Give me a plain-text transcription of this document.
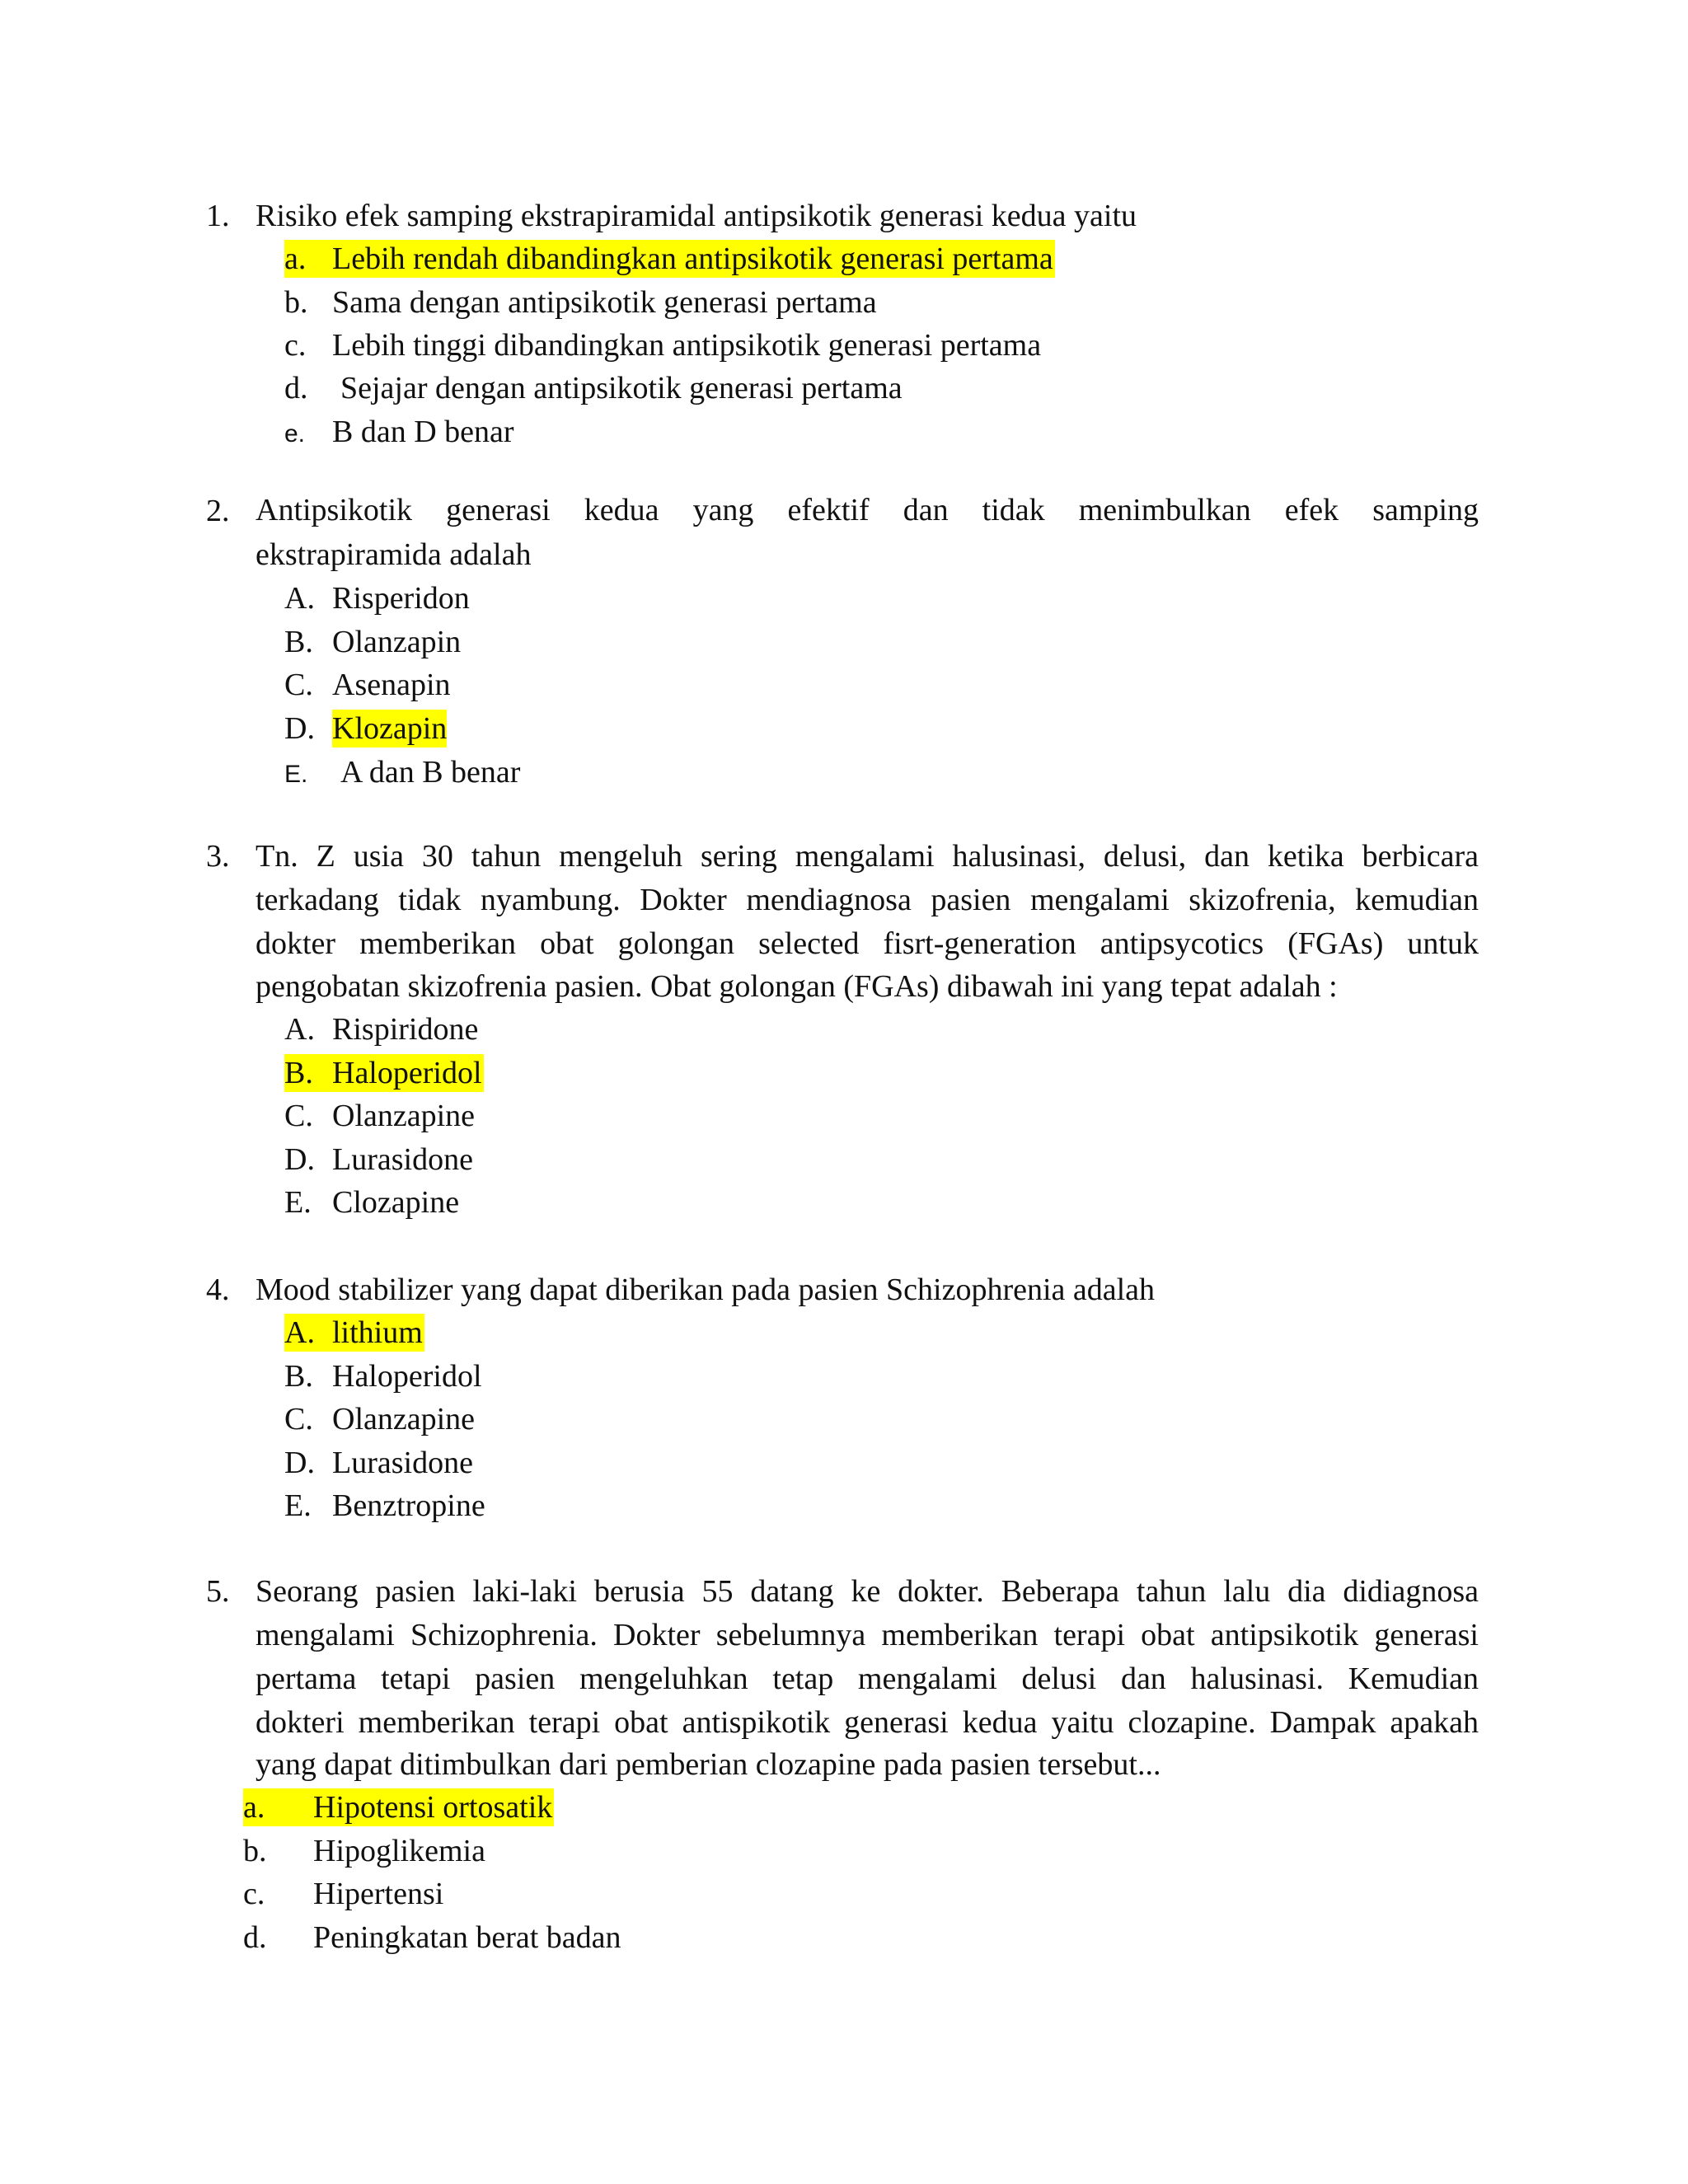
1. Risiko efek samping ekstrapiramidal antipsikotik generasi kedua yaitu
a. Lebih rendah dibandingkan antipsikotik generasi pertama
b. Sama dengan antipsikotik generasi pertama
c. Lebih tinggi dibandingkan antipsikotik generasi pertama
d. Sejajar dengan antipsikotik generasi pertama
e. B dan D benar
2. Antipsikotik generasi kedua yang efektif dan tidak menimbulkan efek samping
ekstrapiramida adalah
A. Risperidon
B. Olanzapin
C. Asenapin
D. Klozapin
E. A dan B benar
3. Tn. Z usia 30 tahun mengeluh sering mengalami halusinasi, delusi, dan ketika berbicara
terkadang tidak nyambung. Dokter mendiagnosa pasien mengalami skizofrenia, kemudian
dokter memberikan obat golongan selected fisrt-generation antipsycotics (FGAs) untuk
pengobatan skizofrenia pasien. Obat golongan (FGAs) dibawah ini yang tepat adalah :
A. Rispiridone
B. Haloperidol
C. Olanzapine
D. Lurasidone
E. Clozapine
4. Mood stabilizer yang dapat diberikan pada pasien Schizophrenia adalah
A. lithium
B. Haloperidol
C. Olanzapine
D. Lurasidone
E. Benztropine
5. Seorang pasien laki-laki berusia 55 datang ke dokter. Beberapa tahun lalu dia didiagnosa
mengalami Schizophrenia. Dokter sebelumnya memberikan terapi obat antipsikotik generasi
pertama tetapi pasien mengeluhkan tetap mengalami delusi dan halusinasi. Kemudian
dokteri memberikan terapi obat antispikotik generasi kedua yaitu clozapine. Dampak apakah
yang dapat ditimbulkan dari pemberian clozapine pada pasien tersebut...
a. Hipotensi ortosatik
b. Hipoglikemia
c. Hipertensi
d. Peningkatan berat badan
